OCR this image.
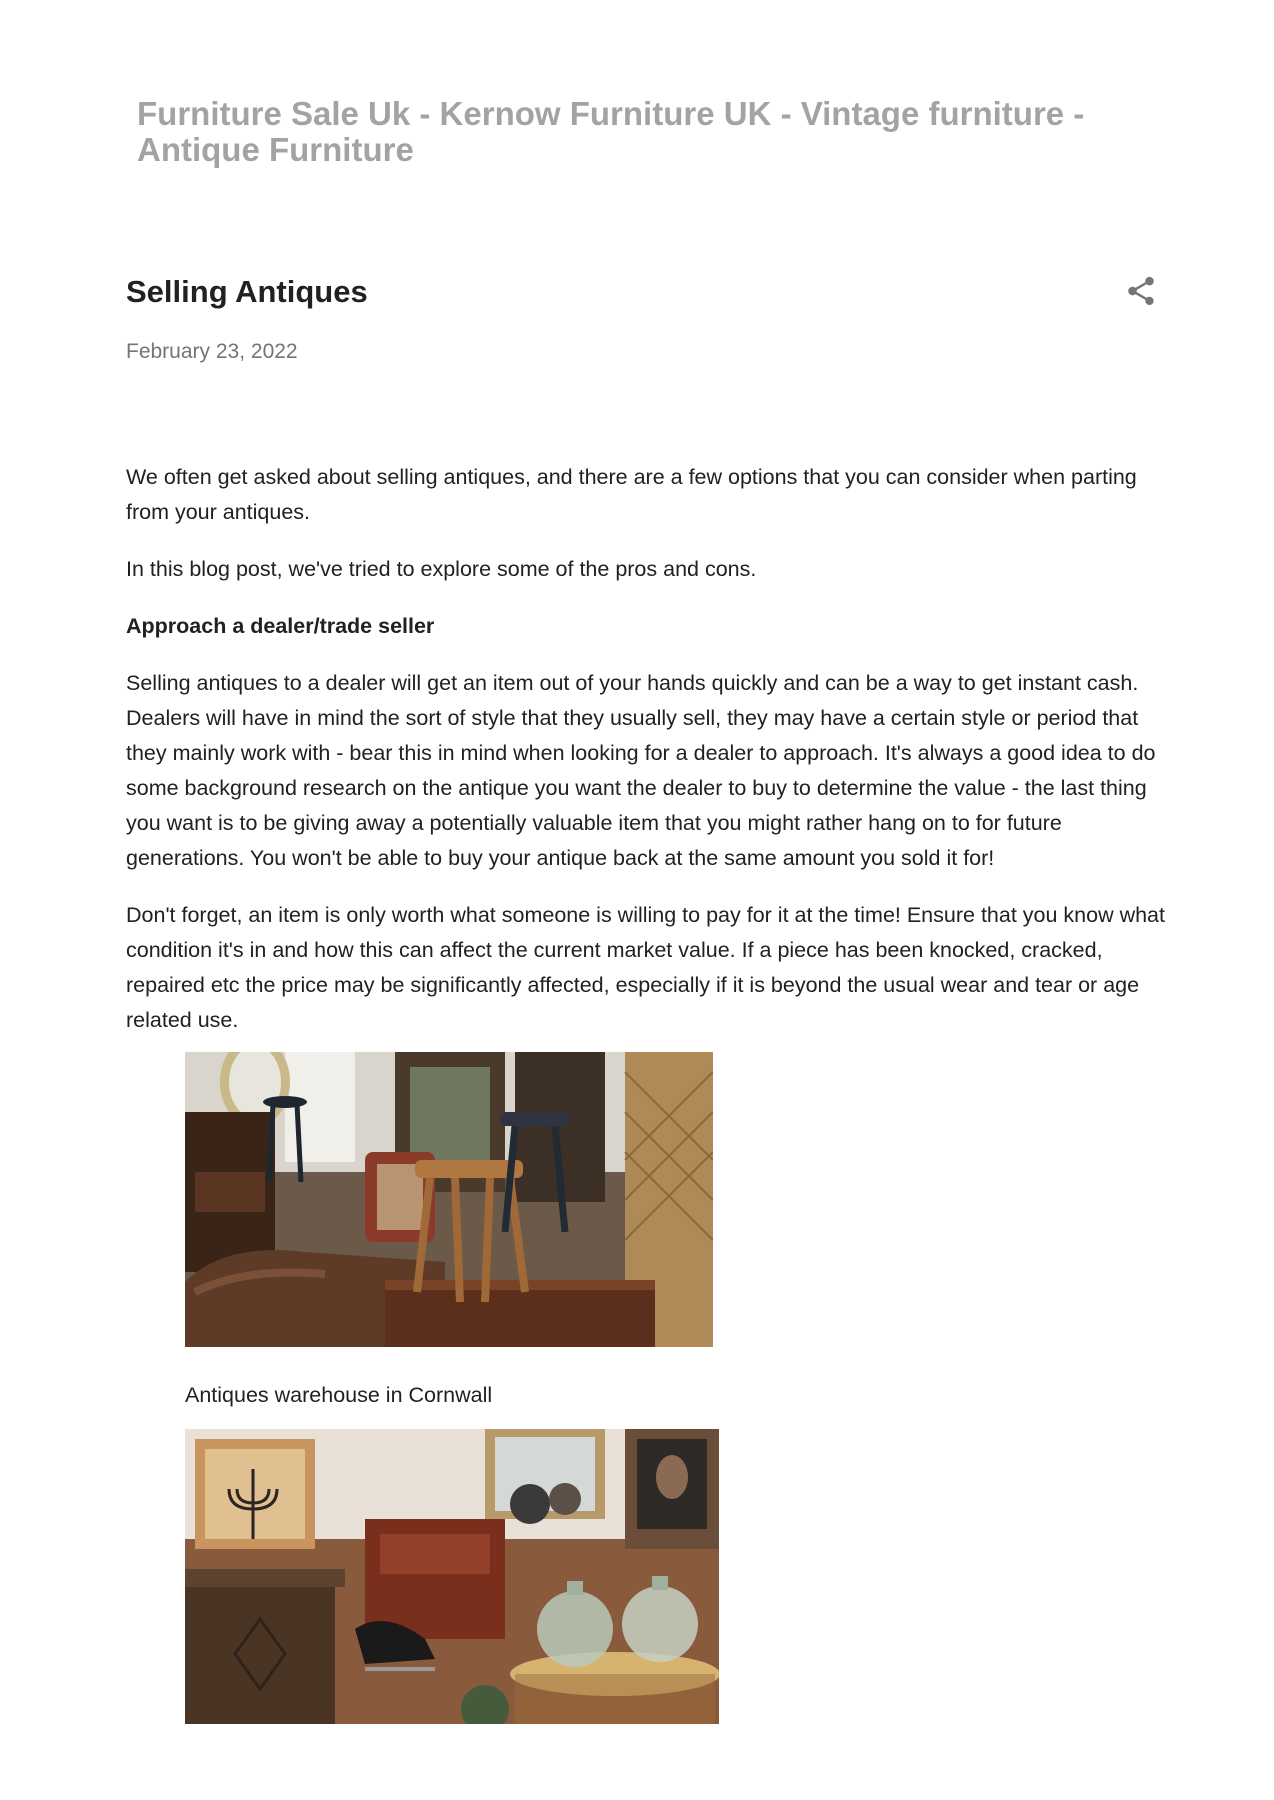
Furniture Sale Uk - Kernow Furniture UK - Vintage furniture - Antique Furniture
Selling Antiques
February 23, 2022

We often get asked about selling antiques, and there are a few options that you can consider when parting from your antiques.

In this blog post, we've tried to explore some of the pros and cons.

Approach a dealer/trade seller

Selling antiques to a dealer will get an item out of your hands quickly and can be a way to get instant cash. Dealers will have in mind the sort of style that they usually sell, they may have a certain style or period that they mainly work with - bear this in mind when looking for a dealer to approach. It's always a good idea to do some background research on the antique you want the dealer to buy to determine the value - the last thing you want is to be giving away a potentially valuable item that you might rather hang on to for future generations. You won't be able to buy your antique back at the same amount you sold it for!

Don't forget, an item is only worth what someone is willing to pay for it at the time! Ensure that you know what condition it's in and how this can affect the current market value. If a piece has been knocked, cracked, repaired etc the price may be significantly affected, especially if it is beyond the usual wear and tear or age related use.

Antiques warehouse in Cornwall
